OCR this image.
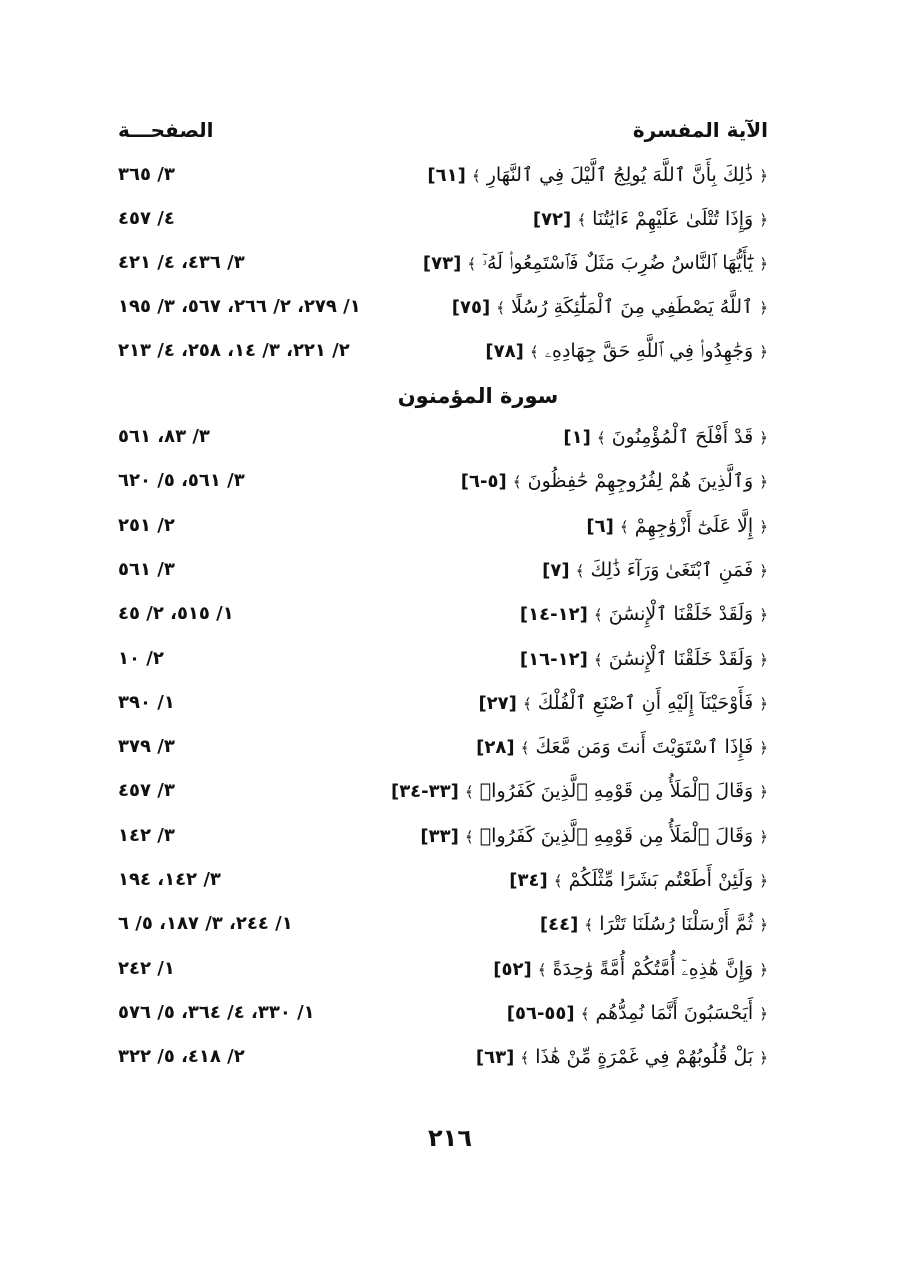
الآية المفسرة
الصفحـــة
﴿ ذَٰلِكَ بِأَنَّ ٱللَّهَ يُولِجُ ٱلَّيْلَ فِي ٱلنَّهَارِ ﴾ [٦١]
٣/ ٣٦٥
﴿ وَإِذَا تُتْلَىٰ عَلَيْهِمْ ءَايَٰتُنَا ﴾ [٧٢]
٤/ ٤٥٧
﴿ يَٰٓأَيُّهَا ٱلنَّاسُ ضُرِبَ مَثَلٌ فَٱسْتَمِعُوا۟ لَهُۥٓ ﴾ [٧٣]
٣/ ٤٣٦، ٤/ ٤٢١
﴿ ٱللَّهُ يَصْطَفِي مِنَ ٱلْمَلَٰٓئِكَةِ رُسُلًا ﴾ [٧٥]
١/ ٢٧٩، ٢/ ٢٦٦، ٥٦٧، ٣/ ١٩٥
﴿ وَجَٰهِدُوا۟ فِي ٱللَّهِ حَقَّ جِهَادِهِۦ ﴾ [٧٨]
٢/ ٢٢١، ٣/ ١٤، ٢٥٨، ٤/ ٢١٣
سورة المؤمنون
﴿ قَدْ أَفْلَحَ ٱلْمُؤْمِنُونَ ﴾ [١]
٣/ ٨٣، ٥٦١
﴿ وَٱلَّذِينَ هُمْ لِفُرُوجِهِمْ حَٰفِظُونَ ﴾ [٥-٦]
٣/ ٥٦١، ٥/ ٦٢٠
﴿ إِلَّا عَلَىٰٓ أَزْوَٰجِهِمْ ﴾ [٦]
٢/ ٢٥١
﴿ فَمَنِ ٱبْتَغَىٰ وَرَآءَ ذَٰلِكَ ﴾ [٧]
٣/ ٥٦١
﴿ وَلَقَدْ خَلَقْنَا ٱلْإِنسَٰنَ ﴾ [١٢-١٤]
١/ ٥١٥، ٢/ ٤٥
﴿ وَلَقَدْ خَلَقْنَا ٱلْإِنسَٰنَ ﴾ [١٢-١٦]
٢/ ١٠
﴿ فَأَوْحَيْنَآ إِلَيْهِ أَنِ ٱصْنَعِ ٱلْفُلْكَ ﴾ [٢٧]
١/ ٣٩٠
﴿ فَإِذَا ٱسْتَوَيْتَ أَنتَ وَمَن مَّعَكَ ﴾ [٢٨]
٣/ ٣٧٩
﴿ وَقَالَ ٱلْمَلَأُ مِن قَوْمِهِ ٱلَّذِينَ كَفَرُوا۟ ﴾ [٣٣-٣٤]
٣/ ٤٥٧
﴿ وَقَالَ ٱلْمَلَأُ مِن قَوْمِهِ ٱلَّذِينَ كَفَرُوا۟ ﴾ [٣٣]
٣/ ١٤٢
﴿ وَلَئِنْ أَطَعْتُم بَشَرًا مِّثْلَكُمْ ﴾ [٣٤]
٣/ ١٤٢، ١٩٤
﴿ ثُمَّ أَرْسَلْنَا رُسُلَنَا تَتْرَا ﴾ [٤٤]
١/ ٢٤٤، ٣/ ١٨٧، ٥/ ٦
﴿ وَإِنَّ هَٰذِهِۦٓ أُمَّتُكُمْ أُمَّةً وَٰحِدَةً ﴾ [٥٢]
١/ ٢٤٢
﴿ أَيَحْسَبُونَ أَنَّمَا نُمِدُّهُم ﴾ [٥٥-٥٦]
١/ ٣٣٠، ٤/ ٣٦٤، ٥/ ٥٧٦
﴿ بَلْ قُلُوبُهُمْ فِي غَمْرَةٍ مِّنْ هَٰذَا ﴾ [٦٣]
٢/ ٤١٨، ٥/ ٣٢٢
٢١٦
